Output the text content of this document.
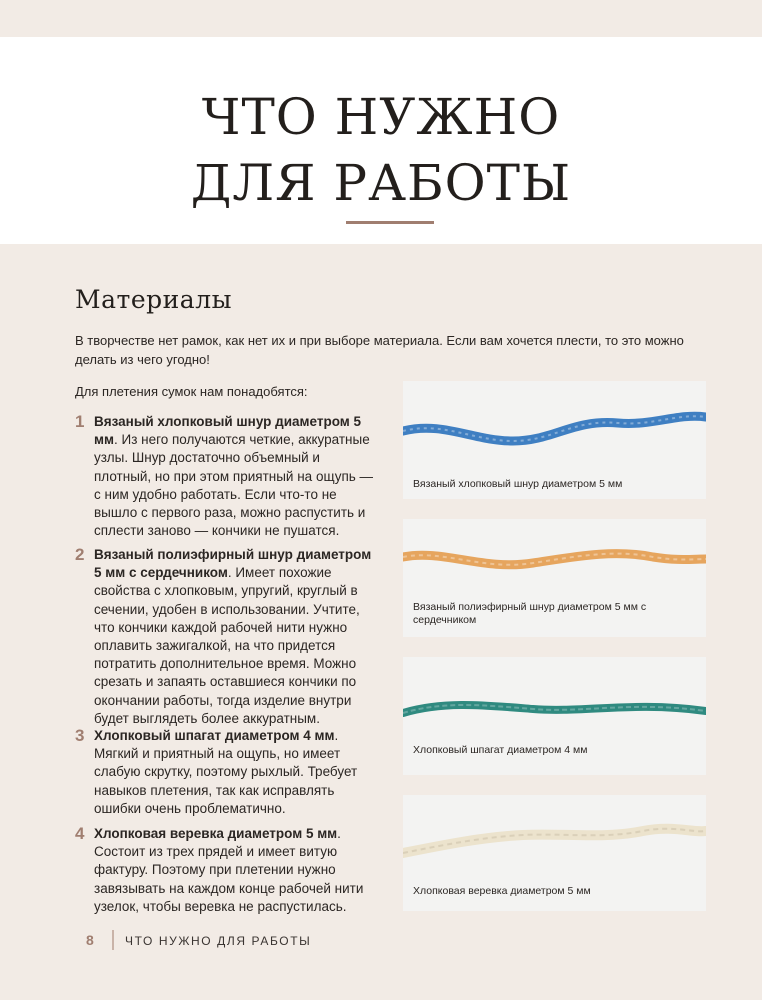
ЧТО НУЖНО
ДЛЯ РАБОТЫ
Материалы
В творчестве нет рамок, как нет их и при выборе материала. Если вам хочется плести, то это можно делать из чего угодно!
Для плетения сумок нам понадобятся:
1 Вязаный хлопковый шнур диаметром 5 мм. Из него получаются четкие, аккуратные узлы. Шнур достаточно объемный и плотный, но при этом приятный на ощупь — с ним удобно работать. Если что-то не вышло с первого раза, можно распустить и сплести заново — кончики не пушатся.
2 Вязаный полиэфирный шнур диаметром 5 мм с сердечником. Имеет похожие свойства с хлопковым, упругий, круглый в сечении, удобен в использовании. Учтите, что кончики каждой рабочей нити нужно оплавить зажигалкой, на что придется потратить дополнительное время. Можно срезать и запаять оставшиеся кончики по окончании работы, тогда изделие внутри будет выглядеть более аккуратным.
3 Хлопковый шпагат диаметром 4 мм. Мягкий и приятный на ощупь, но имеет слабую скрутку, поэтому рыхлый. Требует навыков плетения, так как исправлять ошибки очень проблематично.
4 Хлопковая веревка диаметром 5 мм. Состоит из трех прядей и имеет витую фактуру. Поэтому при плетении нужно завязывать на каждом конце рабочей нити узелок, чтобы веревка не распустилась.
Вязаный хлопковый шнур диаметром 5 мм
Вязаный полиэфирный шнур диаметром 5 мм с сердечником
Хлопковый шпагат диаметром 4 мм
Хлопковая веревка диаметром 5 мм
8	ЧТО НУЖНО ДЛЯ РАБОТЫ
